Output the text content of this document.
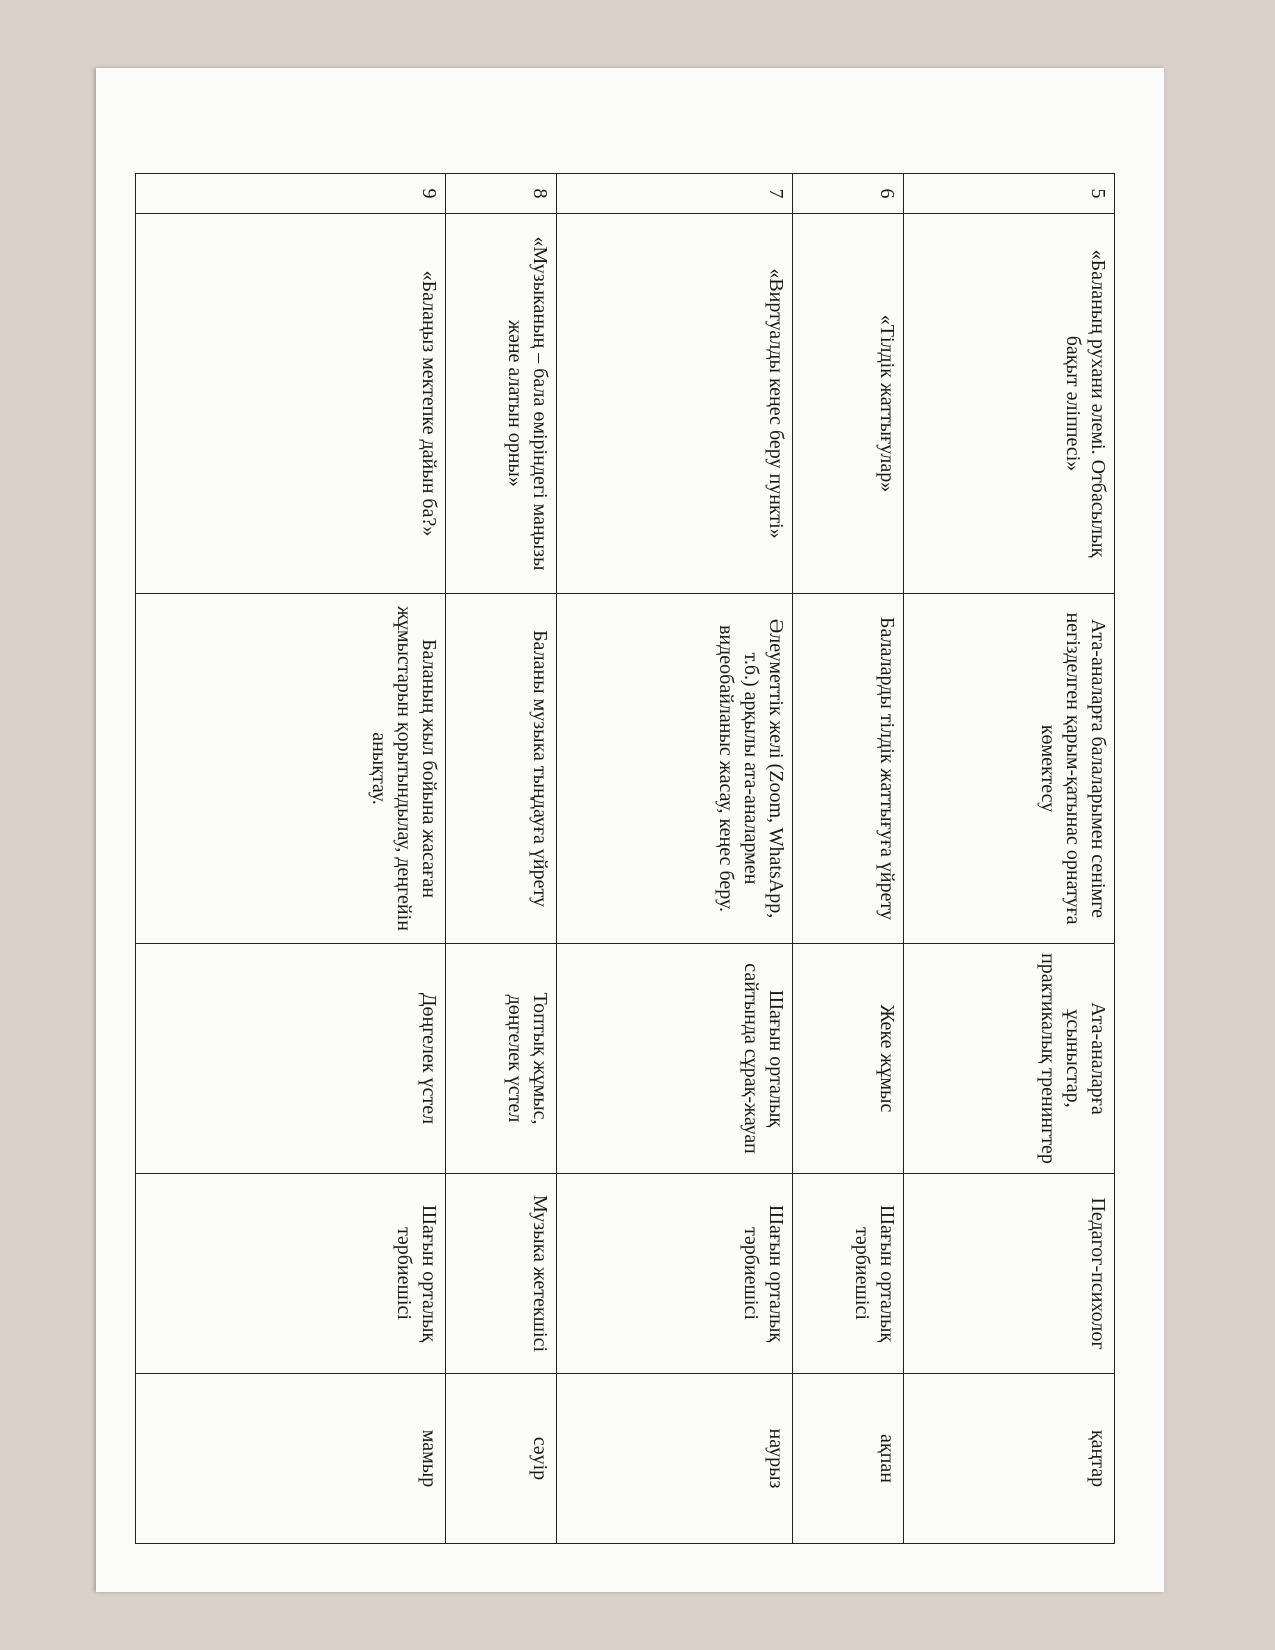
5	«Баланың рухани әлемі. Отбасылық бақыт әліппесі»	Ата-аналарға балаларымен сенімге негізделген қарым-қатынас орнатуға көмектесу	Ата-аналарға ұсыныстар, практикалық тренингтер	Педагог-психолог	қаңтар
6	«Тілдік жаттығулар»	Балаларды тілдік жаттығуға үйрету	Жеке жұмыс	Шағын орталық тәрбиешісі	ақпан
7	«Виртуалды кеңес беру пункті»	Әлеуметтік желі (Zoom, WhatsApp, т.б.) арқылы ата-аналармен видеобайланыс жасау, кеңес беру.	Шағын орталық сайтында сұрақ-жауап	Шағын орталық тәрбиешісі	наурыз
8	«Музыканың – бала өміріндегі маңызы және алатын орны»	Баланы музыка тыңдауға үйрету	Топтық жұмыс, дөңгелек үстел	Музыка жетекшісі	сәуір
9	«Балаңыз мектепке дайын ба?»	Баланың жыл бойына жасаған жұмыстарын қорытындылау, деңгейін анықтау.	Дөңгелек үстел	Шағын орталық тәрбиешісі	мамыр
